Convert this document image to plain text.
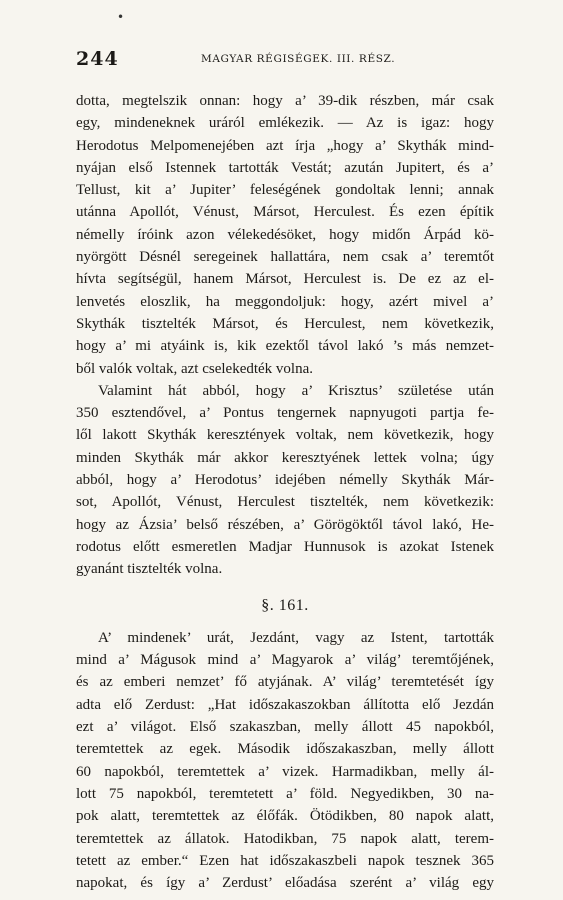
•
244	MAGYAR RÉGISÉGEK. III. RÉSZ.
dotta, megtelszik onnan: hogy a’ 39-dik részben, már csak
egy, mindeneknek uráról emlékezik. — Az is igaz: hogy
Herodotus Melpomenejében azt írja „hogy a’ Skythák mind-
nyájan első Istennek tartották Vestát; azután Jupitert, és a’
Tellust, kit a’ Jupiter’ feleségének gondoltak lenni; annak
utánna Apollót, Vénust, Mársot, Herculest. És ezen építik
némelly íróink azon vélekedésöket, hogy midőn Árpád kö-
nyörgött Désnél seregeinek hallattára, nem csak a’ teremtőt
hívta segítségül, hanem Mársot, Herculest is. De ez az el-
lenvetés eloszlik, ha meggondoljuk: hogy, azért mivel a’
Skythák tisztelték Mársot, és Herculest, nem következik,
hogy a’ mi atyáink is, kik ezektől távol lakó ’s más nemzet-
ből valók voltak, azt cselekedték volna.
Valamint hát abból, hogy a’ Krisztus’ születése után
350 esztendővel, a’ Pontus tengernek napnyugoti partja fe-
lől lakott Skythák keresztények voltak, nem következik, hogy
minden Skythák már akkor keresztyének lettek volna; úgy
abból, hogy a’ Herodotus’ idejében némelly Skythák Már-
sot, Apollót, Vénust, Herculest tisztelték, nem következik:
hogy az Ázsia’ belső részében, a’ Görögöktől távol lakó, He-
rodotus előtt esmeretlen Madjar Hunnusok is azokat Istenek
gyanánt tisztelték volna.
§. 161.
A’ mindenek’ urát, Jezdánt, vagy az Istent, tartották
mind a’ Mágusok mind a’ Magyarok a’ világ’ teremtőjének,
és az emberi nemzet’ fő atyjának. A’ világ’ teremtetését így
adta elő Zerdust: „Hat időszakaszokban állította elő Jezdán
ezt a’ világot. Első szakaszban, melly állott 45 napokból,
teremtettek az egek. Második időszakaszban, melly állott
60 napokból, teremtettek a’ vizek. Harmadikban, melly ál-
lott 75 napokból, teremtetett a’ föld. Negyedikben, 30 na-
pok alatt, teremtettek az élőfák. Ötödikben, 80 napok alatt,
teremtettek az állatok. Hatodikban, 75 napok alatt, terem-
tetett az ember.“ Ezen hat időszakaszbeli napok tesznek 365
napokat, és így a’ Zerdust’ előadása szerént a’ világ egy
